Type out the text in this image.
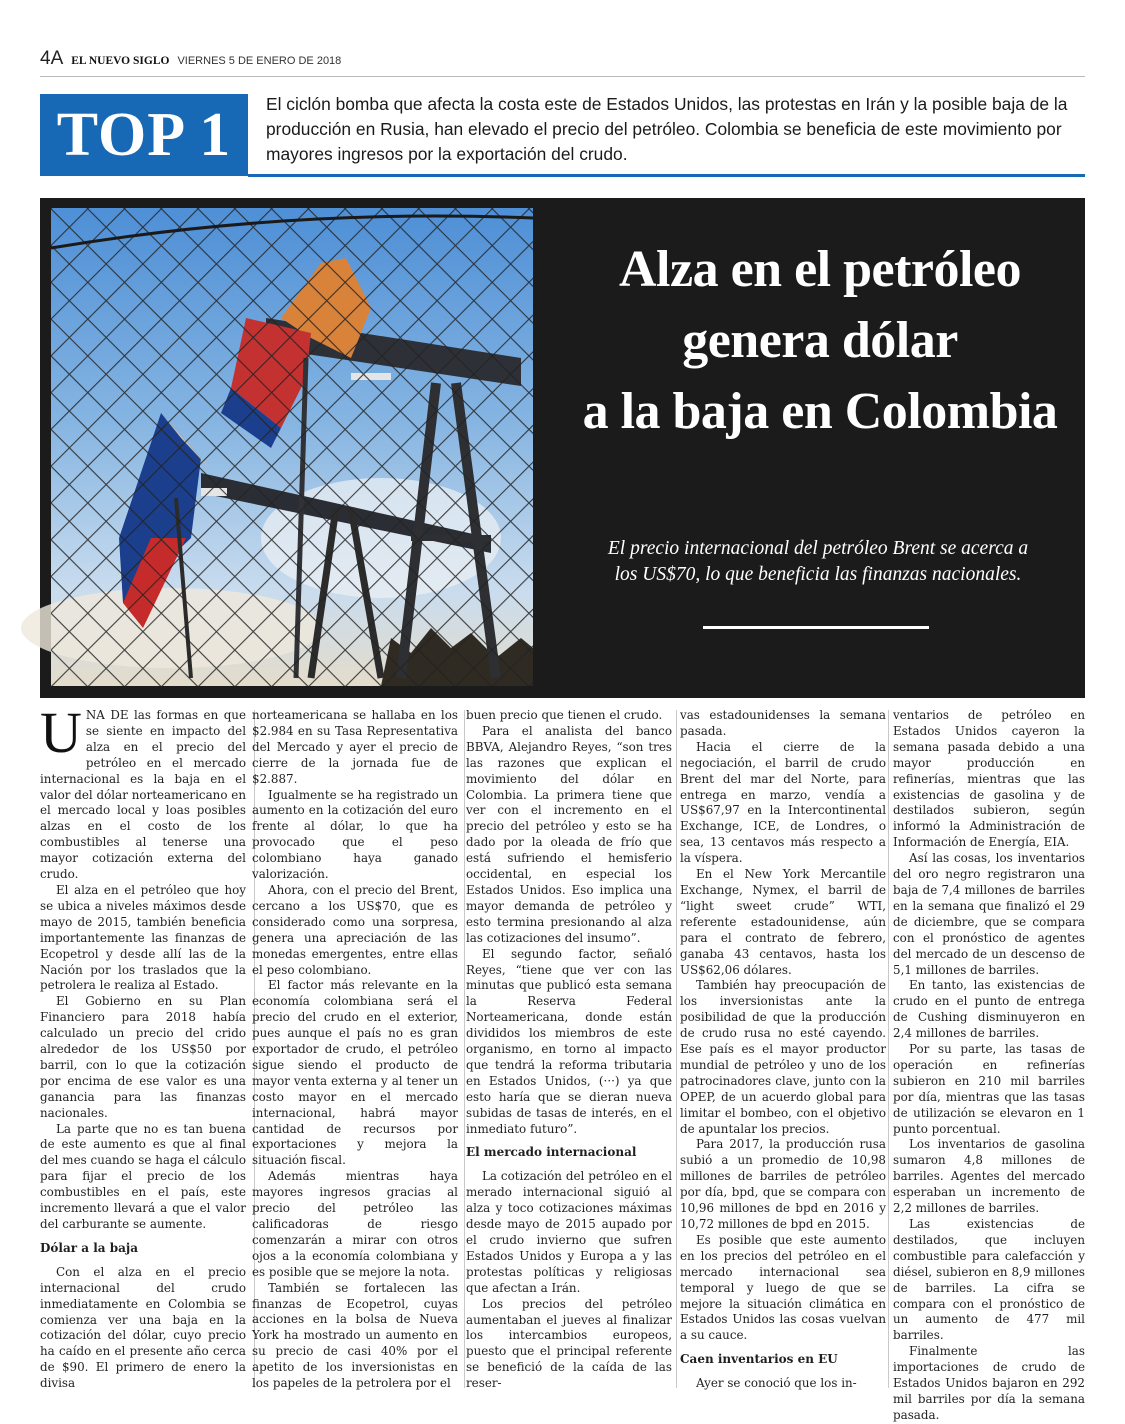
4A EL NUEVO SIGLO VIERNES 5 DE ENERO DE 2018
TOP 1	El ciclón bomba que afecta la costa este de Estados Unidos, las protestas en Irán y la posible baja de la producción en Rusia, han elevado el precio del petróleo. Colombia se beneficia de este movimiento por mayores ingresos por la exportación del crudo.
Alza en el petróleo
genera dólar
a la baja en Colombia
El precio internacional del petróleo Brent se acerca a los US$70, lo que beneficia las finanzas nacionales.

UNA DE las formas en que se siente en impacto del alza en el precio del petróleo en el mercado internacional es la baja en el valor del dólar norteamericano en el mercado local y loas posibles alzas en el costo de los combustibles al tenerse una mayor cotización externa del crudo.

El alza en el petróleo que hoy se ubica a niveles máximos desde mayo de 2015, también beneficia importantemente las finanzas de Ecopetrol y desde allí las de la Nación por los traslados que la petrolera le realiza al Estado.

El Gobierno en su Plan Financiero para 2018 había calculado un precio del crido alrededor de los US$50 por barril, con lo que la cotización por encima de ese valor es una ganancia para las finanzas nacionales.

La parte que no es tan buena de este aumento es que al final del mes cuando se haga el cálculo para fijar el precio de los combustibles en el país, este incremento llevará a que el valor del carburante se aumente.

Dólar a la baja

Con el alza en el precio internacional del crudo inmediatamente en Colombia se comienza ver una baja en la cotización del dólar, cuyo precio ha caído en el presente año cerca de $90. El primero de enero la divisa

norteamericana se hallaba en los $2.984 en su Tasa Representativa del Mercado y ayer el precio de cierre de la jornada fue de $2.887.

Igualmente se ha registrado un aumento en la cotización del euro frente al dólar, lo que ha provocado que el peso colombiano haya ganado valorización.

Ahora, con el precio del Brent, cercano a los US$70, que es considerado como una sorpresa, genera una apreciación de las monedas emergentes, entre ellas el peso colombiano.

El factor más relevante en la economía colombiana será el precio del crudo en el exterior, pues aunque el país no es gran exportador de crudo, el petróleo sigue siendo el producto de mayor venta externa y al tener un costo mayor en el mercado internacional, habrá mayor cantidad de recursos por exportaciones y mejora la situación fiscal.

Además mientras haya mayores ingresos gracias al precio del petróleo las calificadoras de riesgo comenzarán a mirar con otros ojos a la economía colombiana y es posible que se mejore la nota.

También se fortalecen las finanzas de Ecopetrol, cuyas acciones en la bolsa de Nueva York ha mostrado un aumento en su precio de casi 40% por el apetito de los inversionistas en los papeles de la petrolera por el

buen precio que tienen el crudo.

Para el analista del banco BBVA, Alejandro Reyes, “son tres las razones que explican el movimiento del dólar en Colombia. La primera tiene que ver con el incremento en el precio del petróleo y esto se ha dado por la oleada de frío que está sufriendo el hemisferio occidental, en especial los Estados Unidos. Eso implica una mayor demanda de petróleo y esto termina presionando al alza las cotizaciones del insumo”.

El segundo factor, señaló Reyes, “tiene que ver con las minutas que publicó esta semana la Reserva Federal Norteamericana, donde están divididos los miembros de este organismo, en torno al impacto que tendrá la reforma tributaria en Estados Unidos, (···) ya que esto haría que se dieran nueva subidas de tasas de interés, en el inmediato futuro”.

El mercado internacional

La cotización del petróleo en el merado internacional siguió al alza y toco cotizaciones máximas desde mayo de 2015 aupado por el crudo invierno que sufren Estados Unidos y Europa a y las protestas políticas y religiosas que afectan a Irán.

Los precios del petróleo aumentaban el jueves al finalizar los intercambios europeos, puesto que el principal referente se benefició de la caída de las reser-

vas estadounidenses la semana pasada.

Hacia el cierre de la negociación, el barril de crudo Brent del mar del Norte, para entrega en marzo, vendía a US$67,97 en la Intercontinental Exchange, ICE, de Londres, o sea, 13 centavos más respecto a la víspera.

En el New York Mercantile Exchange, Nymex, el barril de “light sweet crude” WTI, referente estadounidense, aún para el contrato de febrero, ganaba 43 centavos, hasta los US$62,06 dólares.

También hay preocupación de los inversionistas ante la posibilidad de que la producción de crudo rusa no esté cayendo. Ese país es el mayor productor mundial de petróleo y uno de los patrocinadores clave, junto con la OPEP, de un acuerdo global para limitar el bombeo, con el objetivo de apuntalar los precios.

Para 2017, la producción rusa subió a un promedio de 10,98 millones de barriles de petróleo por día, bpd, que se compara con 10,96 millones de bpd en 2016 y 10,72 millones de bpd en 2015.

Es posible que este aumento en los precios del petróleo en el mercado internacional sea temporal y luego de que se mejore la situación climática en Estados Unidos las cosas vuelvan a su cauce.

Caen inventarios en EU

Ayer se conoció que los in-

ventarios de petróleo en Estados Unidos cayeron la semana pasada debido a una mayor producción en refinerías, mientras que las existencias de gasolina y de destilados subieron, según informó la Administración de Información de Energía, EIA.

Así las cosas, los inventarios del oro negro registraron una baja de 7,4 millones de barriles en la semana que finalizó el 29 de diciembre, que se compara con el pronóstico de agentes del mercado de un descenso de 5,1 millones de barriles.

En tanto, las existencias de crudo en el punto de entrega de Cushing disminuyeron en 2,4 millones de barriles.

Por su parte, las tasas de operación en refinerías subieron en 210 mil barriles por día, mientras que las tasas de utilización se elevaron en 1 punto porcentual.

Los inventarios de gasolina sumaron 4,8 millones de barriles. Agentes del mercado esperaban un incremento de 2,2 millones de barriles.

Las existencias de destilados, que incluyen combustible para calefacción y diésel, subieron en 8,9 millones de barriles. La cifra se compara con el pronóstico de un aumento de 477 mil barriles.

Finalmente las importaciones de crudo de Estados Unidos bajaron en 292 mil barriles por día la semana pasada.
